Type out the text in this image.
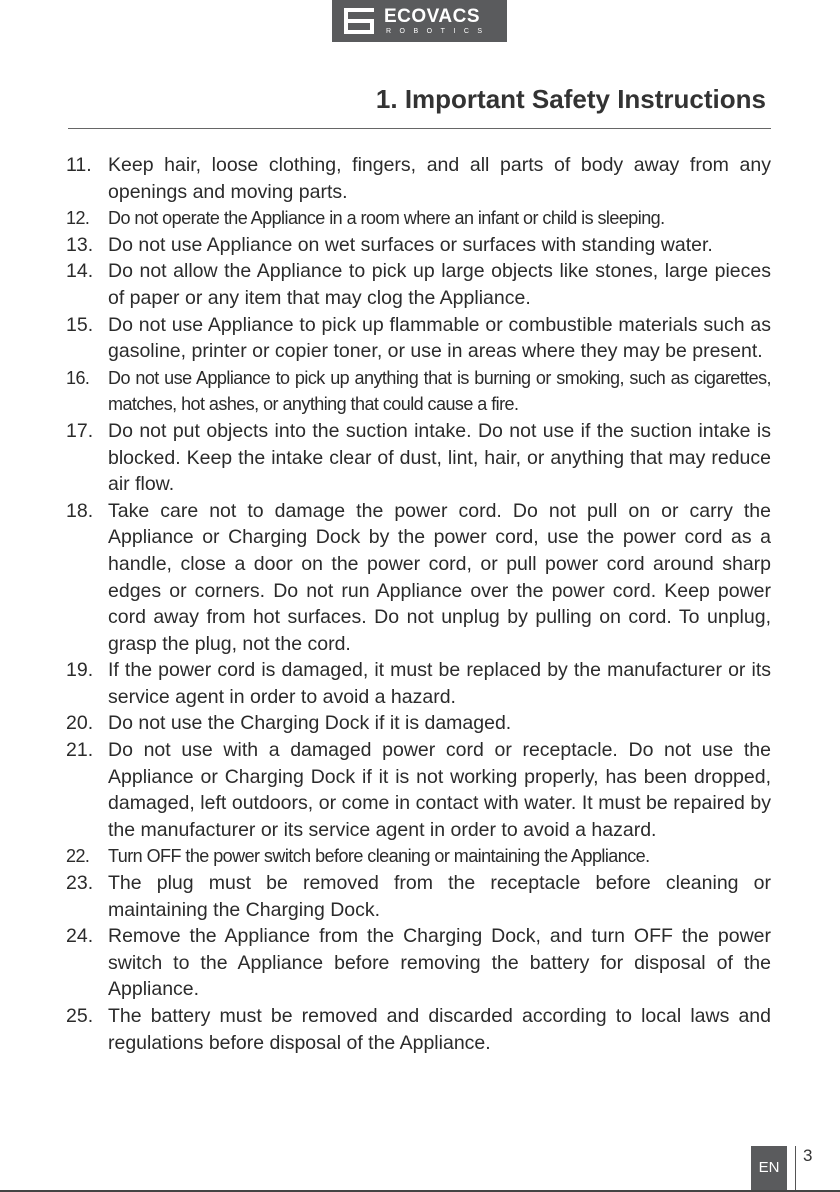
ECOVACS
ROBOTICS
1. Important Safety Instructions
11. Keep hair, loose clothing, fingers, and all parts of body away from any openings and moving parts.
12. Do not operate the Appliance in a room where an infant or child is sleeping.
13. Do not use Appliance on wet surfaces or surfaces with standing water.
14. Do not allow the Appliance to pick up large objects like stones, large pieces of paper or any item that may clog the Appliance.
15. Do not use Appliance to pick up flammable or combustible materials such as gasoline, printer or copier toner, or use in areas where they may be present.
16. Do not use Appliance to pick up anything that is burning or smoking, such as cigarettes, matches, hot ashes, or anything that could cause a fire.
17. Do not put objects into the suction intake. Do not use if the suction intake is blocked. Keep the intake clear of dust, lint, hair, or anything that may reduce air flow.
18. Take care not to damage the power cord. Do not pull on or carry the Appliance or Charging Dock by the power cord, use the power cord as a handle, close a door on the power cord, or pull power cord around sharp edges or corners. Do not run Appliance over the power cord. Keep power cord away from hot surfaces. Do not unplug by pulling on cord. To unplug, grasp the plug, not the cord.
19. If the power cord is damaged, it must be replaced by the manufacturer or its service agent in order to avoid a hazard.
20. Do not use the Charging Dock if it is damaged.
21. Do not use with a damaged power cord or receptacle. Do not use the Appliance or Charging Dock if it is not working properly, has been dropped, damaged, left outdoors, or come in contact with water. It must be repaired by the manufacturer or its service agent in order to avoid a hazard.
22. Turn OFF the power switch before cleaning or maintaining the Appliance.
23. The plug must be removed from the receptacle before cleaning or maintaining the Charging Dock.
24. Remove the Appliance from the Charging Dock, and turn OFF the power switch to the Appliance before removing the battery for disposal of the Appliance.
25. The battery must be removed and discarded according to local laws and regulations before disposal of the Appliance.
EN
3
